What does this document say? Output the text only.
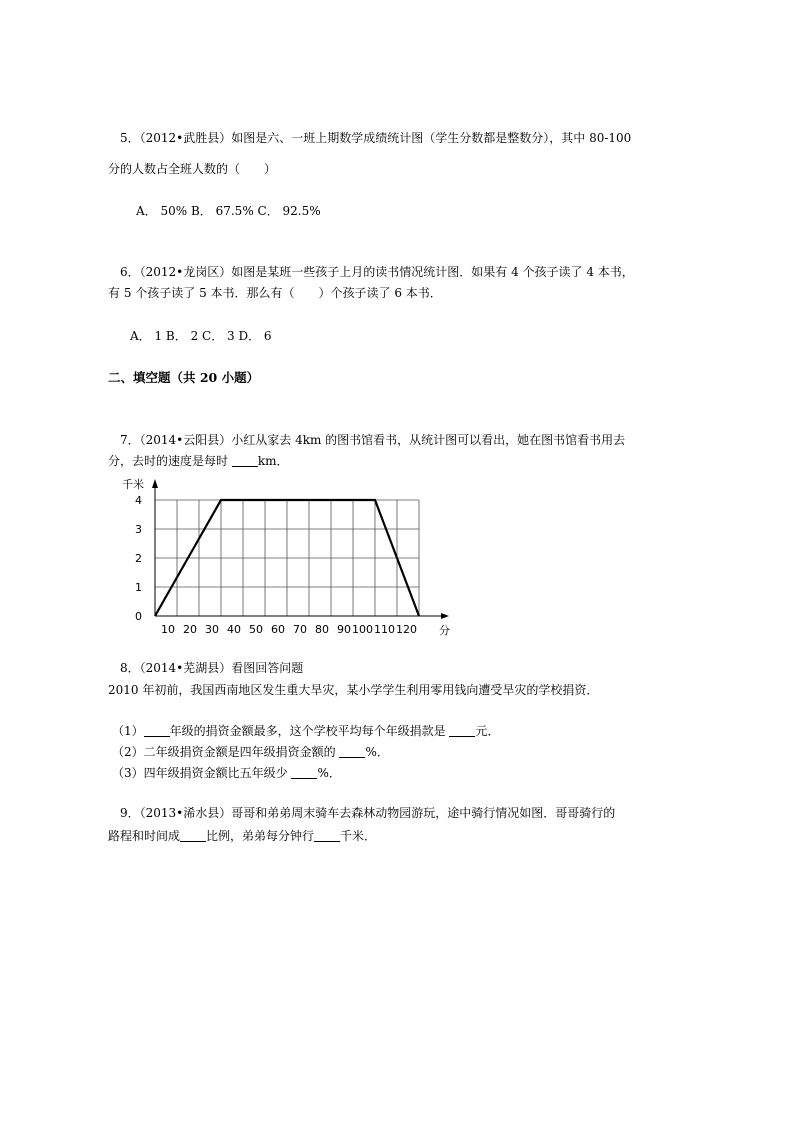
5．（2012•武胜县）如图是六、一班上期数学成绩统计图（学生分数都是整数分），其中 80-100
分的人数占全班人数的（　　）
A． 50% B． 67.5% C． 92.5%
6．（2012•龙岗区）如图是某班一些孩子上月的读书情况统计图．如果有 4 个孩子读了 4 本书，
有 5 个孩子读了 5 本书．那么有（　　）个孩子读了 6 本书．
A． 1 B． 2 C． 3 D． 6
二、填空题（共 20 小题）
7．（2014•云阳县）小红从家去 4km 的图书馆看书，从统计图可以看出，她在图书馆看书用去
分，去时的速度是每时 km．
千米
分
0
1
2
3
4
10 20 30 40 50 60 70 80 90 100 110 120
8．（2014•芜湖县）看图回答问题
2010 年初前，我国西南地区发生重大旱灾，某小学学生利用零用钱向遭受旱灾的学校捐资．
（1） 年级的捐资金额最多，这个学校平均每个年级捐款是 元．
（2）二年级捐资金额是四年级捐资金额的 %．
（3）四年级捐资金额比五年级少 %．
9．（2013•浠水县）哥哥和弟弟周末骑车去森林动物园游玩，途中骑行情况如图．哥哥骑行的
路程和时间成 比例，弟弟每分钟行 千米．
